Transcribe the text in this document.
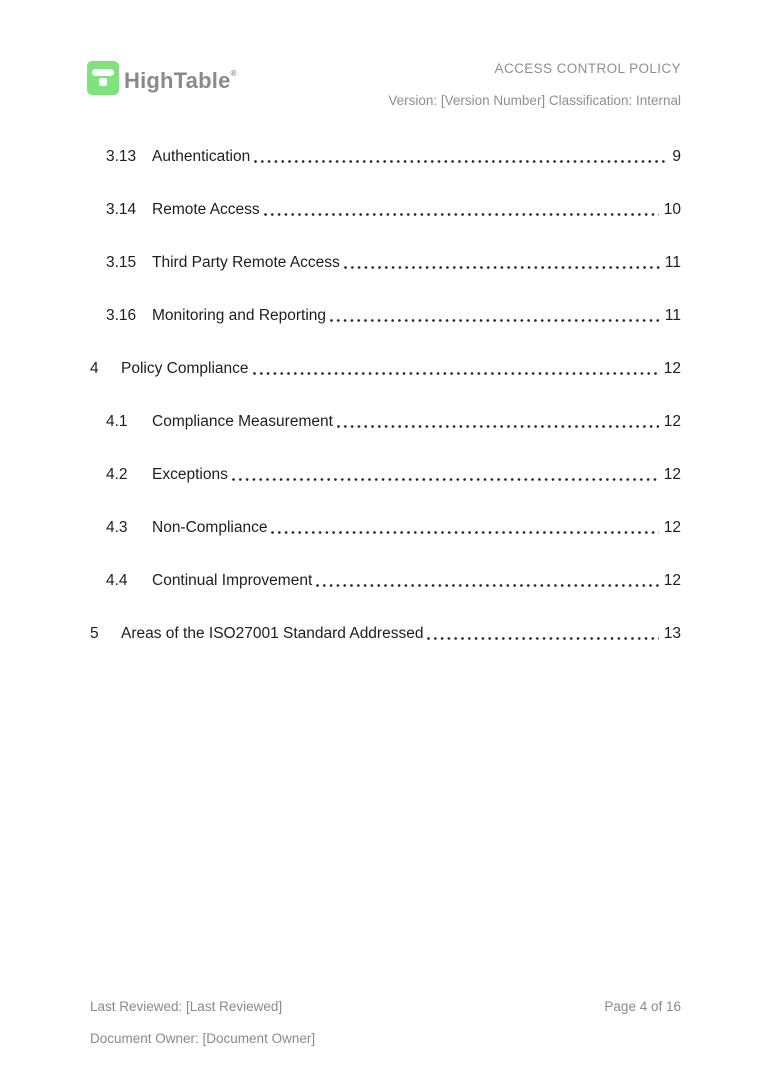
HighTable®	ACCESS CONTROL POLICY
Version: [Version Number] Classification: Internal
3.13	Authentication	9
3.14	Remote Access	10
3.15	Third Party Remote Access	11
3.16	Monitoring and Reporting	11
4	Policy Compliance	12
4.1	Compliance Measurement	12
4.2	Exceptions	12
4.3	Non-Compliance	12
4.4	Continual Improvement	12
5	Areas of the ISO27001 Standard Addressed	13
Last Reviewed: [Last Reviewed]
Document Owner: [Document Owner]
Page 4 of 16
